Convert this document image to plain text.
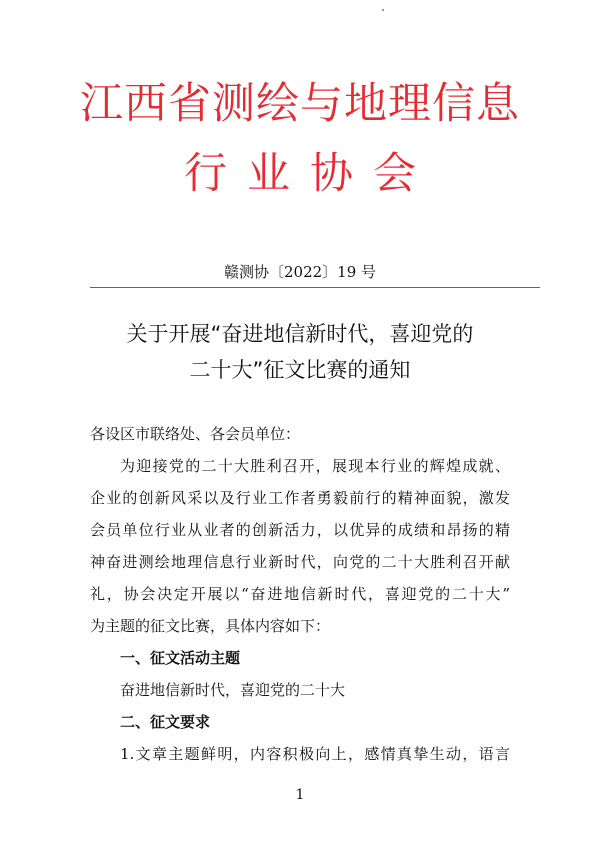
江西省测绘与地理信息
行业协会
赣测协〔2022〕19 号
关于开展“奋进地信新时代，喜迎党的
二十大”征文比赛的通知
各设区市联络处、各会员单位：
为迎接党的二十大胜利召开，展现本行业的辉煌成就、
企业的创新风采以及行业工作者勇毅前行的精神面貌，激发
会员单位行业从业者的创新活力，以优异的成绩和昂扬的精
神奋进测绘地理信息行业新时代，向党的二十大胜利召开献
礼，协会决定开展以“奋进地信新时代，喜迎党的二十大”
为主题的征文比赛，具体内容如下：
一、征文活动主题
奋进地信新时代，喜迎党的二十大
二、征文要求
1.文章主题鲜明，内容积极向上，感情真挚生动，语言
1
